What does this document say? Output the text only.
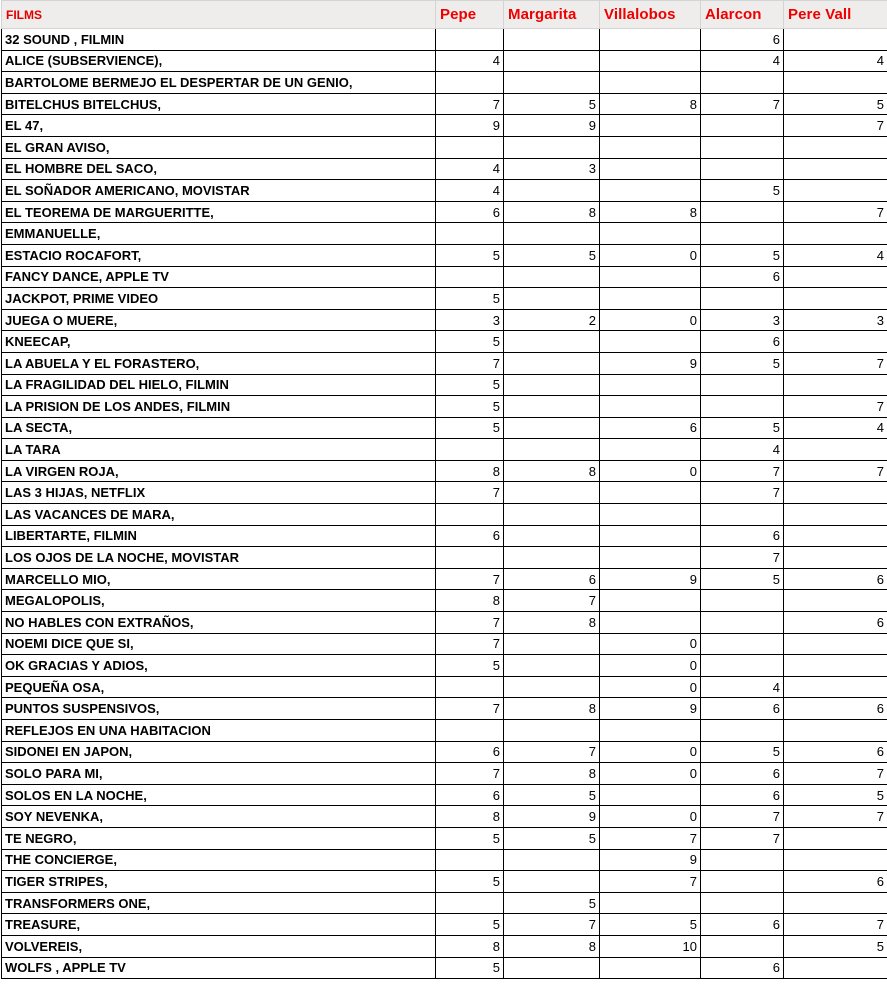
FILMS	Pepe	Margarita	Villalobos	Alarcon	Pere Vall
32 SOUND , FILMIN				6	
ALICE (SUBSERVIENCE),	4			4	4
BARTOLOME BERMEJO EL DESPERTAR DE UN GENIO,					
BITELCHUS BITELCHUS,	7	5	8	7	5
EL 47,	9	9			7
EL GRAN AVISO,					
EL HOMBRE DEL SACO,	4	3			
EL SOÑADOR AMERICANO, MOVISTAR	4			5	
EL TEOREMA DE MARGUERITTE,	6	8	8		7
EMMANUELLE,					
ESTACIO ROCAFORT,	5	5	0	5	4
FANCY DANCE, APPLE TV				6	
JACKPOT, PRIME VIDEO	5				
JUEGA O MUERE,	3	2	0	3	3
KNEECAP,	5			6	
LA ABUELA Y EL FORASTERO,	7		9	5	7
LA FRAGILIDAD DEL HIELO, FILMIN	5				
LA PRISION DE LOS ANDES, FILMIN	5				7
LA SECTA,	5		6	5	4
LA TARA				4	
LA VIRGEN ROJA,	8	8	0	7	7
LAS 3 HIJAS, NETFLIX	7			7	
LAS VACANCES DE MARA,					
LIBERTARTE, FILMIN	6			6	
LOS OJOS DE LA NOCHE, MOVISTAR				7	
MARCELLO MIO,	7	6	9	5	6
MEGALOPOLIS,	8	7			
NO HABLES CON EXTRAÑOS,	7	8			6
NOEMI DICE QUE SI,	7		0		
OK GRACIAS Y ADIOS,	5		0		
PEQUEÑA OSA,			0	4	
PUNTOS SUSPENSIVOS,	7	8	9	6	6
REFLEJOS EN UNA HABITACION					
SIDONEI EN JAPON,	6	7	0	5	6
SOLO PARA MI,	7	8	0	6	7
SOLOS EN LA NOCHE,	6	5		6	5
SOY NEVENKA,	8	9	0	7	7
TE NEGRO,	5	5	7	7	
THE CONCIERGE,			9		
TIGER STRIPES,	5		7		6
TRANSFORMERS ONE,		5			
TREASURE,	5	7	5	6	7
VOLVEREIS,	8	8	10		5
WOLFS , APPLE TV	5			6	
